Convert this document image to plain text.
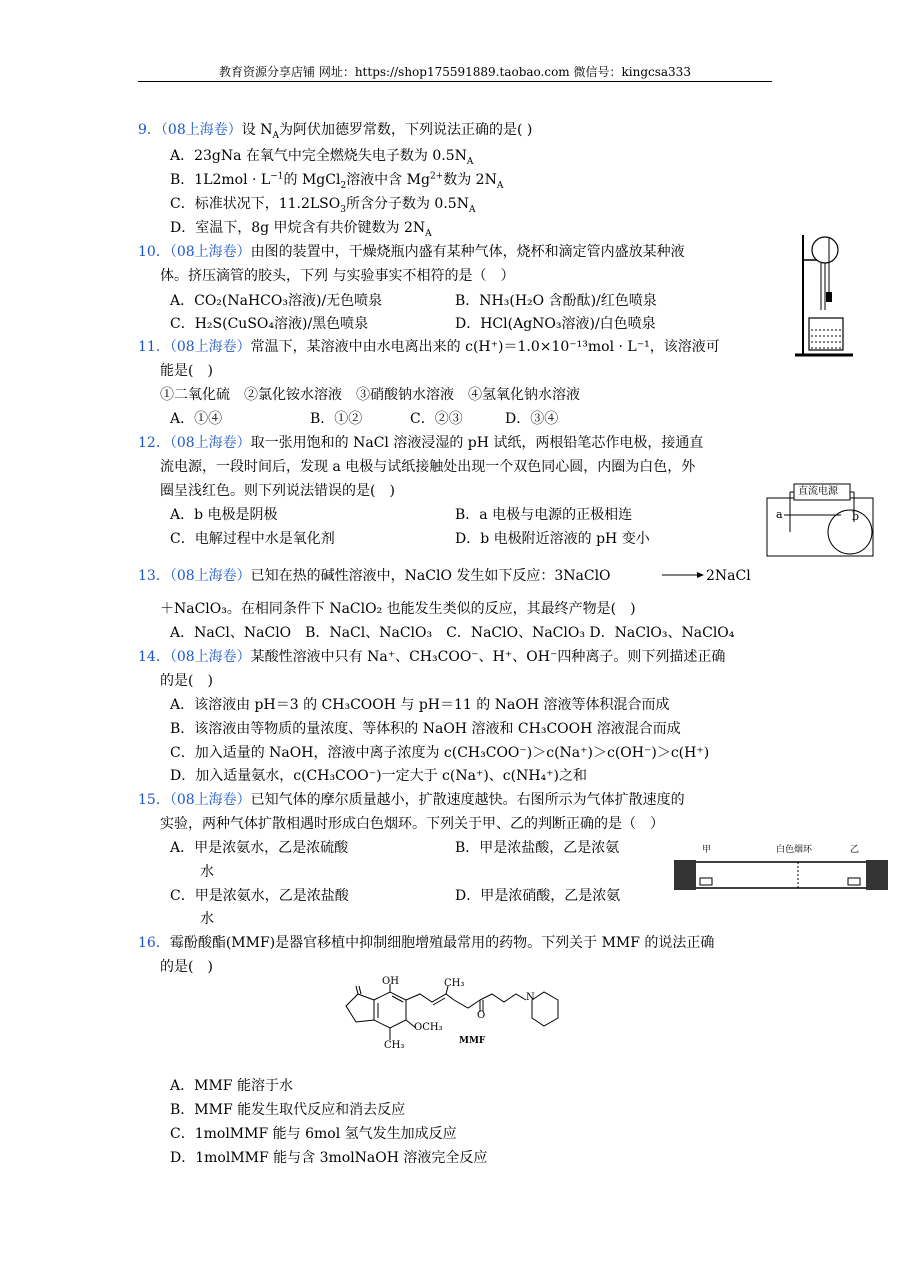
教育资源分享店铺 网址：https://shop175591889.taobao.com 微信号：kingcsa333
9．（08上海卷）设 $N_A$为阿伏加德罗常数，下列说法正确的是( )
A．23gNa 在氧气中完全燃烧失电子数为 $0.5N_A$
B．$1L2mol \cdot L^{-1}$的 MgCl$_2$溶液中含 $Mg^{2+}$数为 $2N_A$
C．标准状况下，$11.2LSO_3$所含分子数为 $0.5N_A$
D．室温下，8g 甲烷含有共价键数为 $2N_A$
10．（08上海卷）由图的装置中，干燥烧瓶内盛有某种气体，烧杯和滴定管内盛放某种液
体。挤压滴管的胶头，下列 与实验事实不相符的是（　）
A．CO₂(NaHCO₃溶液)/无色喷泉	B．NH₃(H₂O 含酚酞)/红色喷泉
C．H₂S(CuSO₄溶液)/黑色喷泉	D．HCl(AgNO₃溶液)/白色喷泉
11．（08上海卷）常温下，某溶液中由水电离出来的 c(H⁺)＝1.0×10⁻¹³mol · L⁻¹，该溶液可
能是(　)
①二氧化硫　②氯化铵水溶液　③硝酸钠水溶液　④氢氧化钠水溶液
A．①④	B．①②	C．②③	D．③④
12．（08上海卷）取一张用饱和的 NaCl 溶液浸湿的 pH 试纸，两根铅笔芯作电极，接通直
流电源，一段时间后，发现 a 电极与试纸接触处出现一个双色同心圆，内圈为白色，外
圈呈浅红色。则下列说法错误的是(　)
A．b 电极是阴极	B．a 电极与电源的正极相连
C．电解过程中水是氧化剂	D．b 电极附近溶液的 pH 变小
直流电源
a	b
13．（08上海卷）已知在热的碱性溶液中，NaClO 发生如下反应：3NaClO	→ 2NaCl
＋NaClO₃。在相同条件下 NaClO₂ 也能发生类似的反应，其最终产物是(　)
A．NaCl、NaClO　B．NaCl、NaClO₃　C．NaClO、NaClO₃ D．NaClO₃、NaClO₄
14．（08上海卷）某酸性溶液中只有 Na⁺、CH₃COO⁻、H⁺、OH⁻四种离子。则下列描述正确
的是(　)
A．该溶液由 pH＝3 的 CH₃COOH 与 pH＝11 的 NaOH 溶液等体积混合而成
B．该溶液由等物质的量浓度、等体积的 NaOH 溶液和 CH₃COOH 溶液混合而成
C．加入适量的 NaOH，溶液中离子浓度为 c(CH₃COO⁻)＞c(Na⁺)＞c(OH⁻)＞c(H⁺)
D．加入适量氨水，c(CH₃COO⁻)一定大于 c(Na⁺)、c(NH₄⁺)之和
15．（08上海卷）已知气体的摩尔质量越小，扩散速度越快。右图所示为气体扩散速度的
实验，两种气体扩散相遇时形成白色烟环。下列关于甲、乙的判断正确的是（　）
A．甲是浓氨水，乙是浓硫酸	B．甲是浓盐酸，乙是浓氨
水
C．甲是浓氨水，乙是浓盐酸	D．甲是浓硝酸，乙是浓氨
水
甲	白色烟环	乙
16．霉酚酸酯(MMF)是器官移植中抑制细胞增殖最常用的药物。下列关于 MMF 的说法正确
的是(　)
OH	CH₃
OCH₃
CH₃	MMF
O
N
A．MMF 能溶于水
B．MMF 能发生取代反应和消去反应
C．1molMMF 能与 6mol 氢气发生加成反应
D．1molMMF 能与含 3molNaOH 溶液完全反应
